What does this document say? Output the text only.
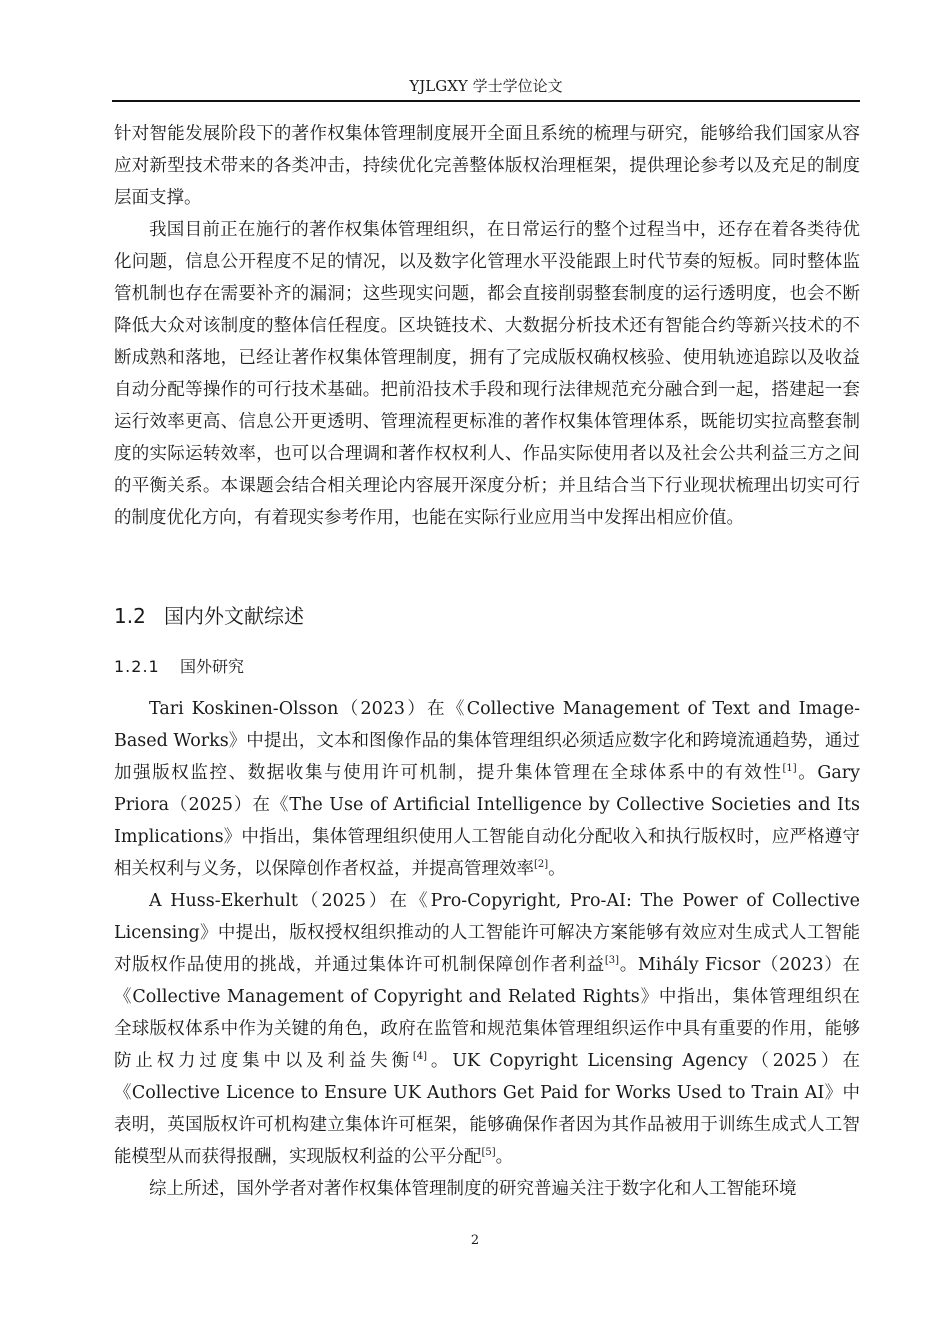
YJLGXY 学士学位论文

针对智能发展阶段下的著作权集体管理制度展开全面且系统的梳理与研究，能够给我们国家从容应对新型技术带来的各类冲击，持续优化完善整体版权治理框架，提供理论参考以及充足的制度层面支撑。

我国目前正在施行的著作权集体管理组织，在日常运行的整个过程当中，还存在着各类待优化问题，信息公开程度不足的情况，以及数字化管理水平没能跟上时代节奏的短板。同时整体监管机制也存在需要补齐的漏洞；这些现实问题，都会直接削弱整套制度的运行透明度，也会不断降低大众对该制度的整体信任程度。区块链技术、大数据分析技术还有智能合约等新兴技术的不断成熟和落地，已经让著作权集体管理制度，拥有了完成版权确权核验、使用轨迹追踪以及收益自动分配等操作的可行技术基础。把前沿技术手段和现行法律规范充分融合到一起，搭建起一套运行效率更高、信息公开更透明、管理流程更标准的著作权集体管理体系，既能切实拉高整套制度的实际运转效率，也可以合理调和著作权权利人、作品实际使用者以及社会公共利益三方之间的平衡关系。本课题会结合相关理论内容展开深度分析；并且结合当下行业现状梳理出切实可行的制度优化方向，有着现实参考作用，也能在实际行业应用当中发挥出相应价值。

1.2 国内外文献综述
1.2.1 国外研究

Tari Koskinen-Olsson（2023）在《Collective Management of Text and Image-Based Works》中提出，文本和图像作品的集体管理组织必须适应数字化和跨境流通趋势，通过加强版权监控、数据收集与使用许可机制，提升集体管理在全球体系中的有效性[1]。Gary Priora（2025）在《The Use of Artificial Intelligence by Collective Societies and Its Implications》中指出，集体管理组织使用人工智能自动化分配收入和执行版权时，应严格遵守相关权利与义务，以保障创作者权益，并提高管理效率[2]。

A Huss-Ekerhult（2025）在《Pro-Copyright, Pro-AI: The Power of Collective Licensing》中提出，版权授权组织推动的人工智能许可解决方案能够有效应对生成式人工智能对版权作品使用的挑战，并通过集体许可机制保障创作者利益[3]。Mihály Ficsor（2023）在《Collective Management of Copyright and Related Rights》中指出，集体管理组织在全球版权体系中作为关键的角色，政府在监管和规范集体管理组织运作中具有重要的作用，能够防止权力过度集中以及利益失衡[4]。UK Copyright Licensing Agency（2025）在《Collective Licence to Ensure UK Authors Get Paid for Works Used to Train AI》中表明，英国版权许可机构建立集体许可框架，能够确保作者因为其作品被用于训练生成式人工智能模型从而获得报酬，实现版权利益的公平分配[5]。

综上所述，国外学者对著作权集体管理制度的研究普遍关注于数字化和人工智能环境

2
